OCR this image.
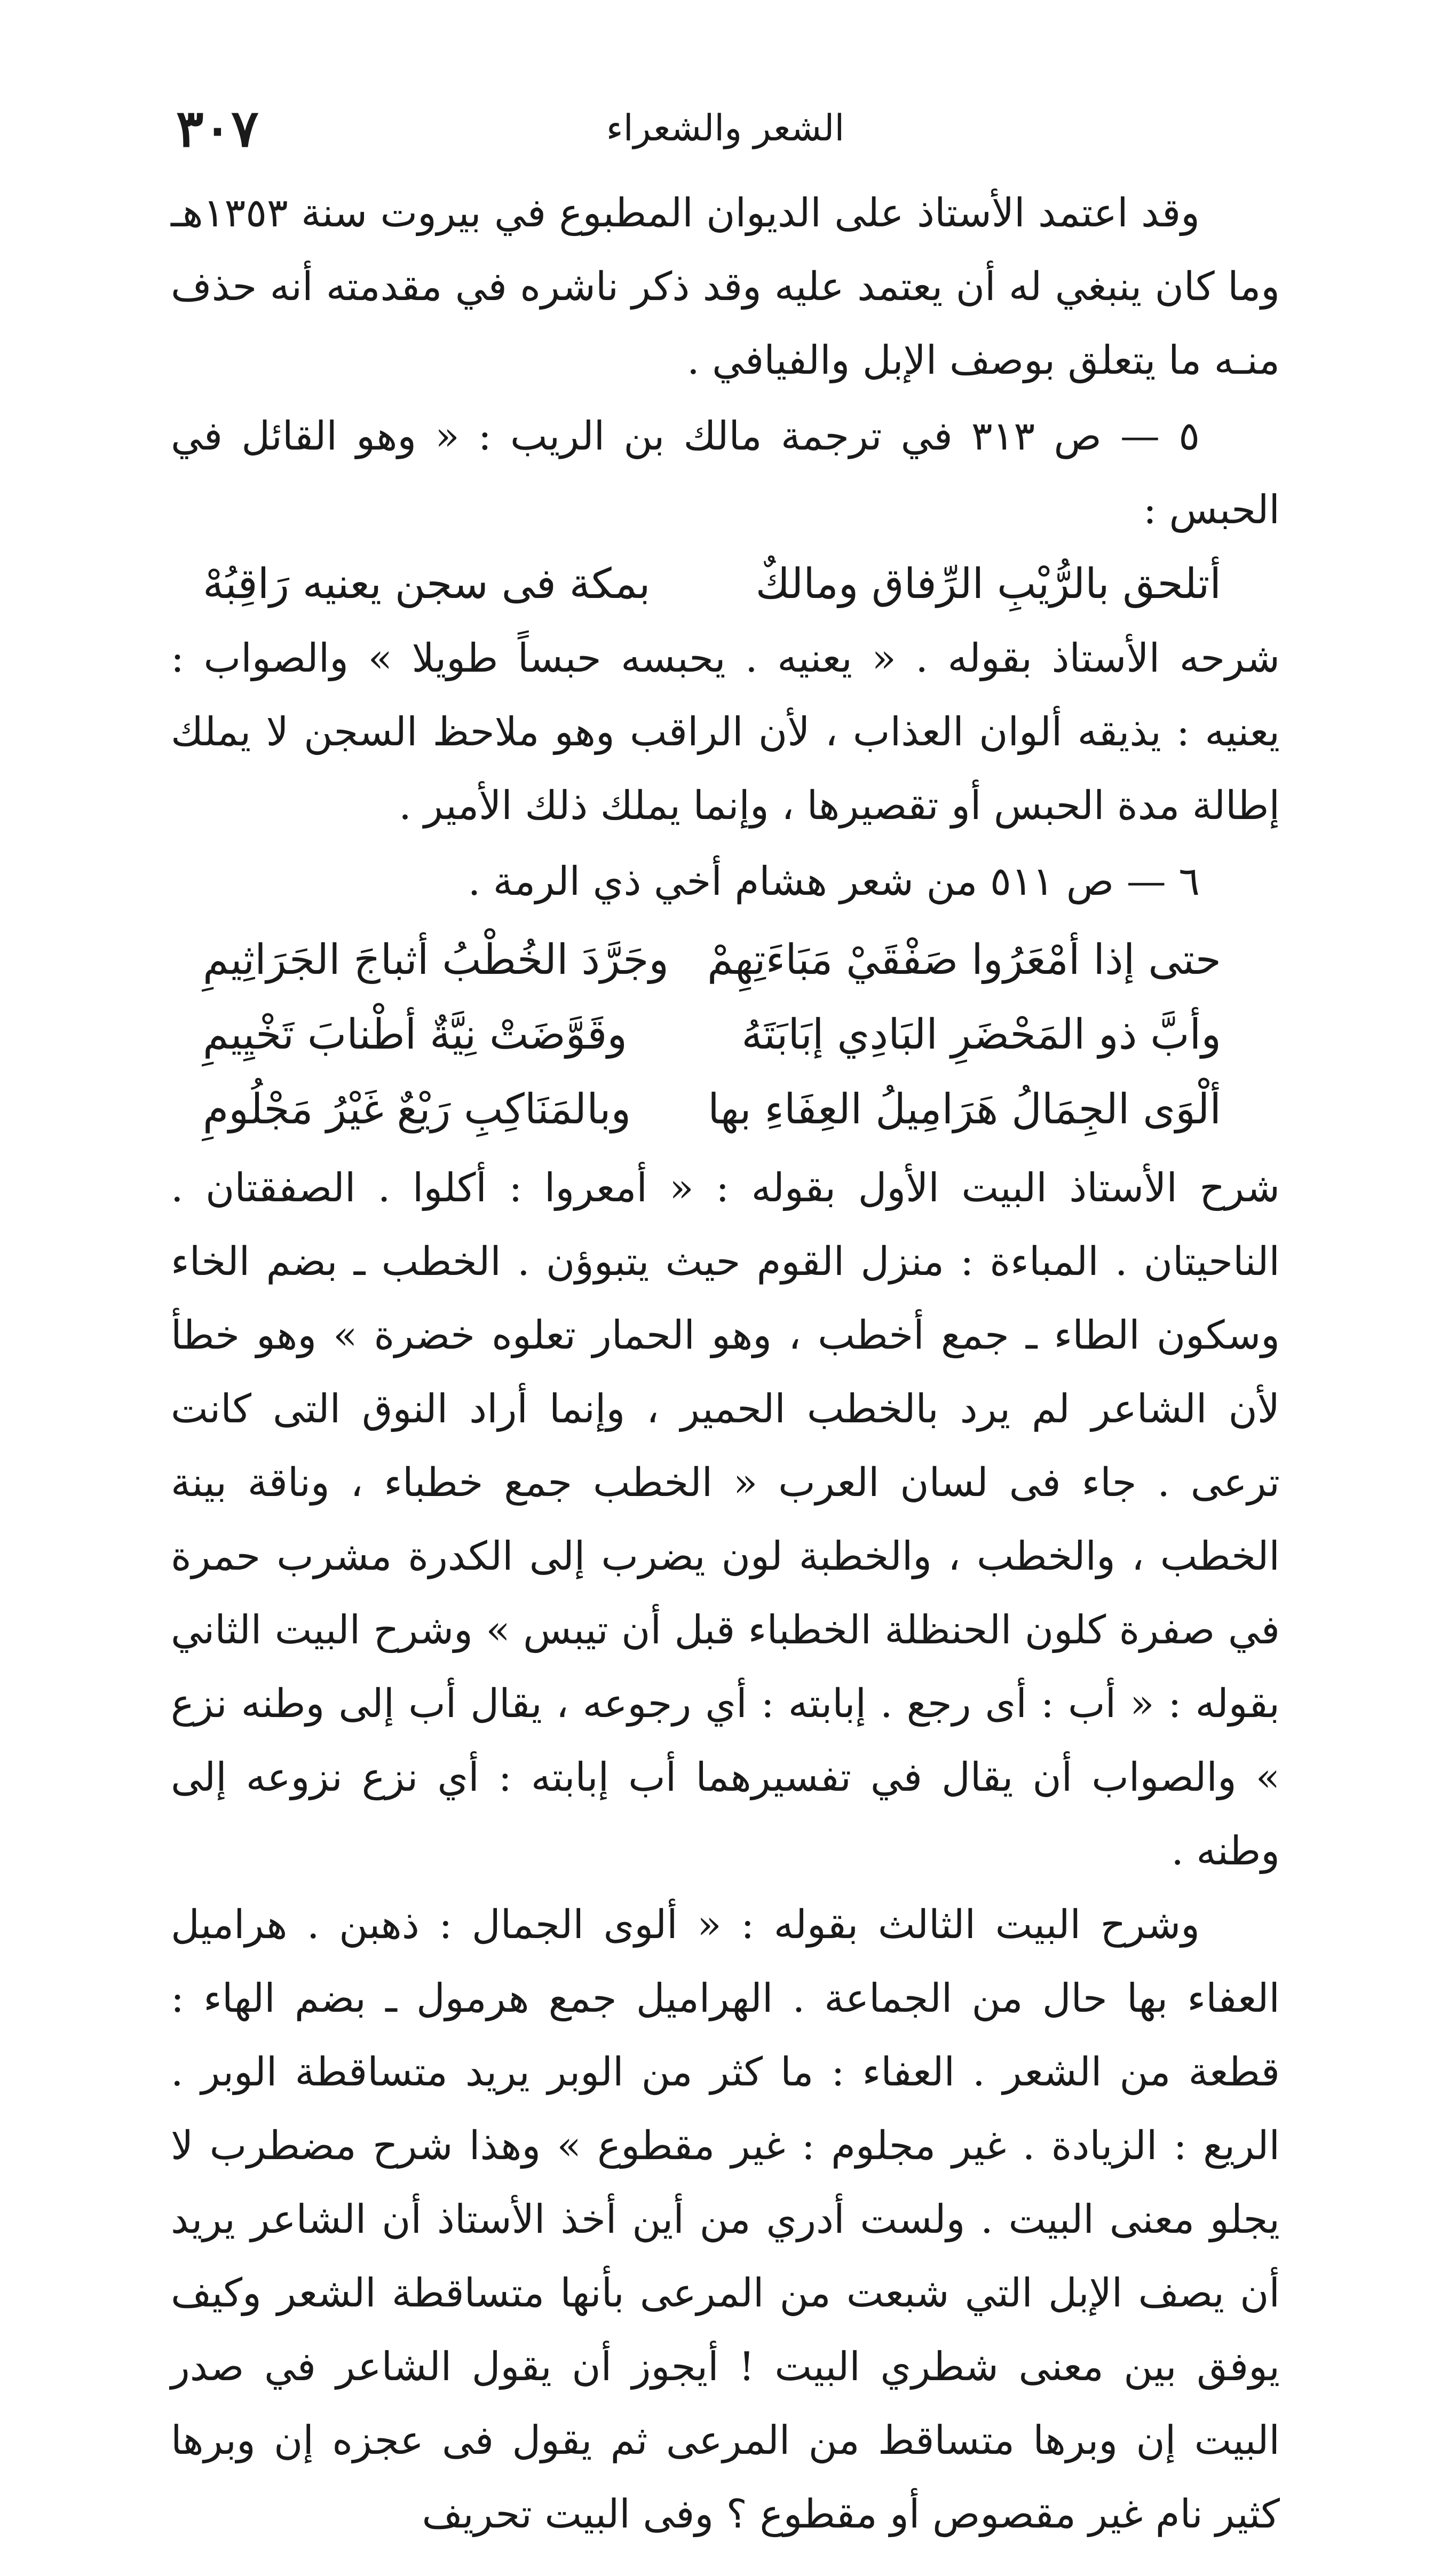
٣٠٧	الشعر والشعراء

وقد اعتمد الأستاذ على الديوان المطبوع في بيروت سنة ١٣٥٣هـ وما كان ينبغي له أن يعتمد عليه وقد ذكر ناشره في مقدمته أنه حذف منـه ما يتعلق بوصف الإبل والفيافي .

٥ — ص ٣١٣ في ترجمة مالك بن الريب : « وهو القائل في الحبس :

أتلحق بالرُّيْبِ الرِّفاق ومالكٌ
بمكة فى سجن يعنيه رَاقِبُهْ

شرحه الأستاذ بقوله . « يعنيه . يحبسه حبساً طويلا » والصواب : يعنيه : يذيقه ألوان العذاب ، لأن الراقب وهو ملاحظ السجن لا يملك إطالة مدة الحبس أو تقصيرها ، وإنما يملك ذلك الأمير .

٦ — ص ٥١١ من شعر هشام أخي ذي الرمة .

حتى إذا أمْعَرُوا صَفْقَيْ مَبَاءَتِهِمْ
وجَرَّدَ الخُطْبُ أثباجَ الجَرَاثِيمِ
وأبَّ ذو المَحْضَرِ البَادِي إبَابَتَهُ
وقَوَّضَتْ نِيَّةٌ أطْنابَ تَخْيِيمِ
ألْوَى الجِمَالُ هَرَامِيلُ العِفَاءِ بها
وبالمَنَاكِبِ رَيْعٌ غَيْرُ مَجْلُومِ

شرح الأستاذ البيت الأول بقوله : « أمعروا : أكلوا . الصفقتان . الناحيتان . المباءة : منزل القوم حيث يتبوؤن . الخطب ـ بضم الخاء وسكون الطاء ـ جمع أخطب ، وهو الحمار تعلوه خضرة » وهو خطأ لأن الشاعر لم يرد بالخطب الحمير ، وإنما أراد النوق التى كانت ترعى . جاء فى لسان العرب « الخطب جمع خطباء ، وناقة بينة الخطب ، والخطب ، والخطبة لون يضرب إلى الكدرة مشرب حمرة في صفرة كلون الحنظلة الخطباء قبل أن تيبس » وشرح البيت الثاني بقوله : « أب : أى رجع . إبابته : أي رجوعه ، يقال أب إلى وطنه نزع » والصواب أن يقال في تفسيرهما أب إبابته : أي نزع نزوعه إلى وطنه .

وشرح البيت الثالث بقوله : « ألوى الجمال : ذهبن . هراميل العفاء بها حال من الجماعة . الهراميل جمع هرمول ـ بضم الهاء : قطعة من الشعر . العفاء : ما كثر من الوبر يريد متساقطة الوبر . الريع : الزيادة . غير مجلوم : غير مقطوع » وهذا شرح مضطرب لا يجلو معنى البيت . ولست أدري من أين أخذ الأستاذ أن الشاعر يريد أن يصف الإبل التي شبعت من المرعى بأنها متساقطة الشعر وكيف يوفق بين معنى شطري البيت ! أيجوز أن يقول الشاعر في صدر البيت إن وبرها متساقط من المرعى ثم يقول فى عجزه إن وبرها كثير نام غير مقصوص أو مقطوع ؟ وفى البيت تحريف
